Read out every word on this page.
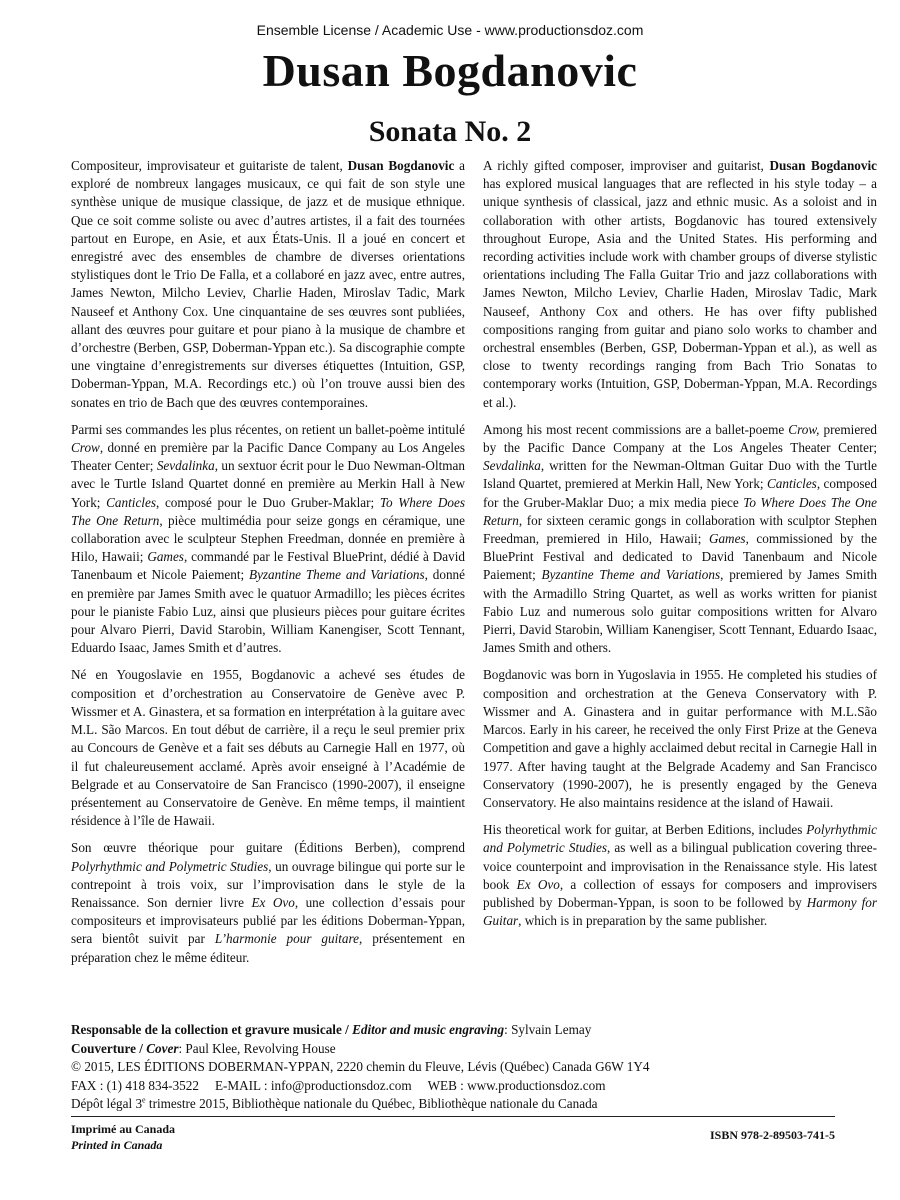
Ensemble License / Academic Use - www.productionsdoz.com
Dusan Bogdanovic
Sonata No. 2

Compositeur, improvisateur et guitariste de talent, Dusan Bogdanovic a exploré de nombreux langages musicaux, ce qui fait de son style une synthèse unique de musique classique, de jazz et de musique ethnique. Que ce soit comme soliste ou avec d’autres artistes, il a fait des tournées partout en Europe, en Asie, et aux États-Unis. Il a joué en concert et enregistré avec des ensembles de chambre de diverses orientations stylistiques dont le Trio De Falla, et a collaboré en jazz avec, entre autres, James Newton, Milcho Leviev, Charlie Haden, Miroslav Tadic, Mark Nauseef et Anthony Cox. Une cinquantaine de ses œuvres sont publiées, allant des œuvres pour guitare et pour piano à la musique de chambre et d’orchestre (Berben, GSP, Doberman-Yppan etc.). Sa discographie compte une vingtaine d’enregistrements sur diverses étiquettes (Intuition, GSP, Doberman-Yppan, M.A. Recordings etc.) où l’on trouve aussi bien des sonates en trio de Bach que des œuvres contemporaines.

Parmi ses commandes les plus récentes, on retient un ballet-poème intitulé Crow, donné en première par la Pacific Dance Company au Los Angeles Theater Center; Sevdalinka, un sextuor écrit pour le Duo Newman-Oltman avec le Turtle Island Quartet donné en première au Merkin Hall à New York; Canticles, composé pour le Duo Gruber-Maklar; To Where Does The One Return, pièce multimédia pour seize gongs en céramique, une collaboration avec le sculpteur Stephen Freedman, donnée en première à Hilo, Hawaii; Games, commandé par le Festival BluePrint, dédié à David Tanenbaum et Nicole Paiement; Byzantine Theme and Variations, donné en première par James Smith avec le quatuor Armadillo; les pièces écrites pour le pianiste Fabio Luz, ainsi que plusieurs pièces pour guitare écrites pour Alvaro Pierri, David Starobin, William Kanengiser, Scott Tennant, Eduardo Isaac, James Smith et d’autres.

Né en Yougoslavie en 1955, Bogdanovic a achevé ses études de composition et d’orchestration au Conservatoire de Genève avec P. Wissmer et A. Ginastera, et sa formation en interprétation à la guitare avec M.L. São Marcos. En tout début de carrière, il a reçu le seul premier prix au Concours de Genève et a fait ses débuts au Carnegie Hall en 1977, où il fut chaleureusement acclamé. Après avoir enseigné à l’Académie de Belgrade et au Conservatoire de San Francisco (1990-2007), il enseigne présentement au Conservatoire de Genève. En même temps, il maintient résidence à l’île de Hawaii.

Son œuvre théorique pour guitare (Éditions Berben), comprend Polyrhythmic and Polymetric Studies, un ouvrage bilingue qui porte sur le contrepoint à trois voix, sur l’improvisation dans le style de la Renaissance. Son dernier livre Ex Ovo, une collection d’essais pour compositeurs et improvisateurs publié par les éditions Doberman-Yppan, sera bientôt suivit par L’harmonie pour guitare, présentement en préparation chez le même éditeur.

A richly gifted composer, improviser and guitarist, Dusan Bogdanovic has explored musical languages that are reflected in his style today – a unique synthesis of classical, jazz and ethnic music. As a soloist and in collaboration with other artists, Bogdanovic has toured extensively throughout Europe, Asia and the United States. His performing and recording activities include work with chamber groups of diverse stylistic orientations including The Falla Guitar Trio and jazz collaborations with James Newton, Milcho Leviev, Charlie Haden, Miroslav Tadic, Mark Nauseef, Anthony Cox and others. He has over fifty published compositions ranging from guitar and piano solo works to chamber and orchestral ensembles (Berben, GSP, Doberman-Yppan et al.), as well as close to twenty recordings ranging from Bach Trio Sonatas to contemporary works (Intuition, GSP, Doberman-Yppan, M.A. Recordings et al.).

Among his most recent commissions are a ballet-poeme Crow, premiered by the Pacific Dance Company at the Los Angeles Theater Center; Sevdalinka, written for the Newman-Oltman Guitar Duo with the Turtle Island Quartet, premiered at Merkin Hall, New York; Canticles, composed for the Gruber-Maklar Duo; a mix media piece To Where Does The One Return, for sixteen ceramic gongs in collaboration with sculptor Stephen Freedman, premiered in Hilo, Hawaii; Games, commissioned by the BluePrint Festival and dedicated to David Tanenbaum and Nicole Paiement; Byzantine Theme and Variations, premiered by James Smith with the Armadillo String Quartet, as well as works written for pianist Fabio Luz and numerous solo guitar compositions written for Alvaro Pierri, David Starobin, William Kanengiser, Scott Tennant, Eduardo Isaac, James Smith and others.

Bogdanovic was born in Yugoslavia in 1955. He completed his studies of composition and orchestration at the Geneva Conservatory with P. Wissmer and A. Ginastera and in guitar performance with M.L.São Marcos. Early in his career, he received the only First Prize at the Geneva Competition and gave a highly acclaimed debut recital in Carnegie Hall in 1977. After having taught at the Belgrade Academy and San Francisco Conservatory (1990-2007), he is presently engaged by the Geneva Conservatory. He also maintains residence at the island of Hawaii.

His theoretical work for guitar, at Berben Editions, includes Polyrhythmic and Polymetric Studies, as well as a bilingual publication covering three- voice counterpoint and improvisation in the Renaissance style. His latest book Ex Ovo, a collection of essays for composers and improvisers published by Doberman-Yppan, is soon to be followed by Harmony for Guitar, which is in preparation by the same publisher.

Responsable de la collection et gravure musicale / Editor and music engraving: Sylvain Lemay
Couverture / Cover: Paul Klee, Revolving House
© 2015, LES ÉDITIONS DOBERMAN-YPPAN, 2220 chemin du Fleuve, Lévis (Québec) Canada G6W 1Y4
FAX : (1) 418 834-3522 E-MAIL : info@productionsdoz.com WEB : www.productionsdoz.com
Dépôt légal 3e trimestre 2015, Bibliothèque nationale du Québec, Bibliothèque nationale du Canada
Imprimé au Canada
Printed in Canada
ISBN 978-2-89503-741-5
